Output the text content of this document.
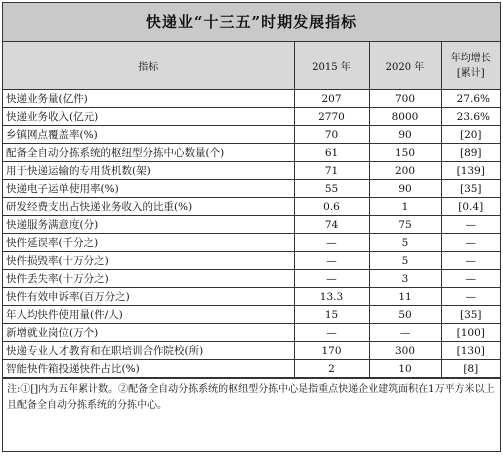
快递业“十三五”时期发展指标
指标	2015 年	2020 年	年均增长
[累计]

快递业务量(亿件)	207	700	27.6%
快递业务收入(亿元)	2770	8000	23.6%
乡镇网点覆盖率(%)	70	90	[20]
配备全自动分拣系统的枢纽型分拣中心数量(个)	61	150	[89]
用于快递运输的专用货机数(架)	71	200	[139]
快递电子运单使用率(%)	55	90	[35]
研发经费支出占快递业务收入的比重(%)	0.6	1	[0.4]
快递服务满意度(分)	74	75	—
快件延误率(千分之)	—	5	—
快件损毁率(十万分之)	—	5	—
快件丢失率(十万分之)	—	3	—
快件有效申诉率(百万分之)	13.3	11	—
年人均快件使用量(件/人)	15	50	[35]
新增就业岗位(万个)	—	—	[100]
快递专业人才教育和在职培训合作院校(所)	170	300	[130]
智能快件箱投递快件占比(%)	2	10	[8]
注:①[]内为五年累计数。②配备全自动分拣系统的枢纽型分拣中心是指重点快递企业建筑面积在1万平方米以上且配备全自动分拣系统的分拣中心。
